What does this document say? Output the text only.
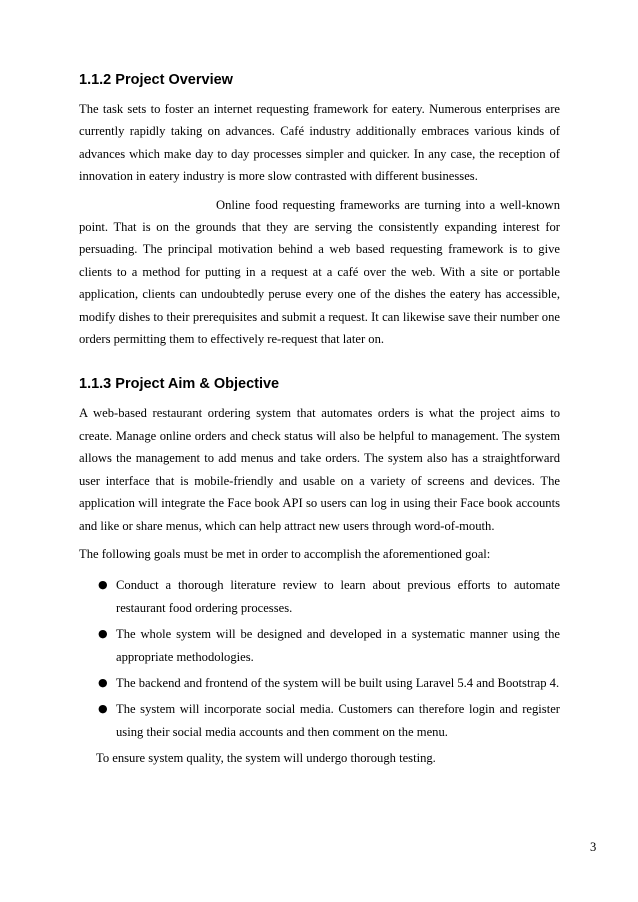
1.1.2 Project Overview

The task sets to foster an internet requesting framework for eatery. Numerous enterprises are currently rapidly taking on advances. Café industry additionally embraces various kinds of advances which make day to day processes simpler and quicker. In any case, the reception of innovation in eatery industry is more slow contrasted with different businesses.

Online food requesting frameworks are turning into a well-known point. That is on the grounds that they are serving the consistently expanding interest for persuading. The principal motivation behind a web based requesting framework is to give clients to a method for putting in a request at a café over the web. With a site or portable application, clients can undoubtedly peruse every one of the dishes the eatery has accessible, modify dishes to their prerequisites and submit a request. It can likewise save their number one orders permitting them to effectively re-request that later on.

1.1.3 Project Aim & Objective

A web-based restaurant ordering system that automates orders is what the project aims to create. Manage online orders and check status will also be helpful to management. The system allows the management to add menus and take orders. The system also has a straightforward user interface that is mobile-friendly and usable on a variety of screens and devices. The application will integrate the Face book API so users can log in using their Face book accounts and like or share menus, which can help attract new users through word-of-mouth.

The following goals must be met in order to accomplish the aforementioned goal:

● Conduct a thorough literature review to learn about previous efforts to automate restaurant food ordering processes.
● The whole system will be designed and developed in a systematic manner using the appropriate methodologies.
● The backend and frontend of the system will be built using Laravel 5.4 and Bootstrap 4.
● The system will incorporate social media. Customers can therefore login and register using their social media accounts and then comment on the menu.

To ensure system quality, the system will undergo thorough testing.

3
